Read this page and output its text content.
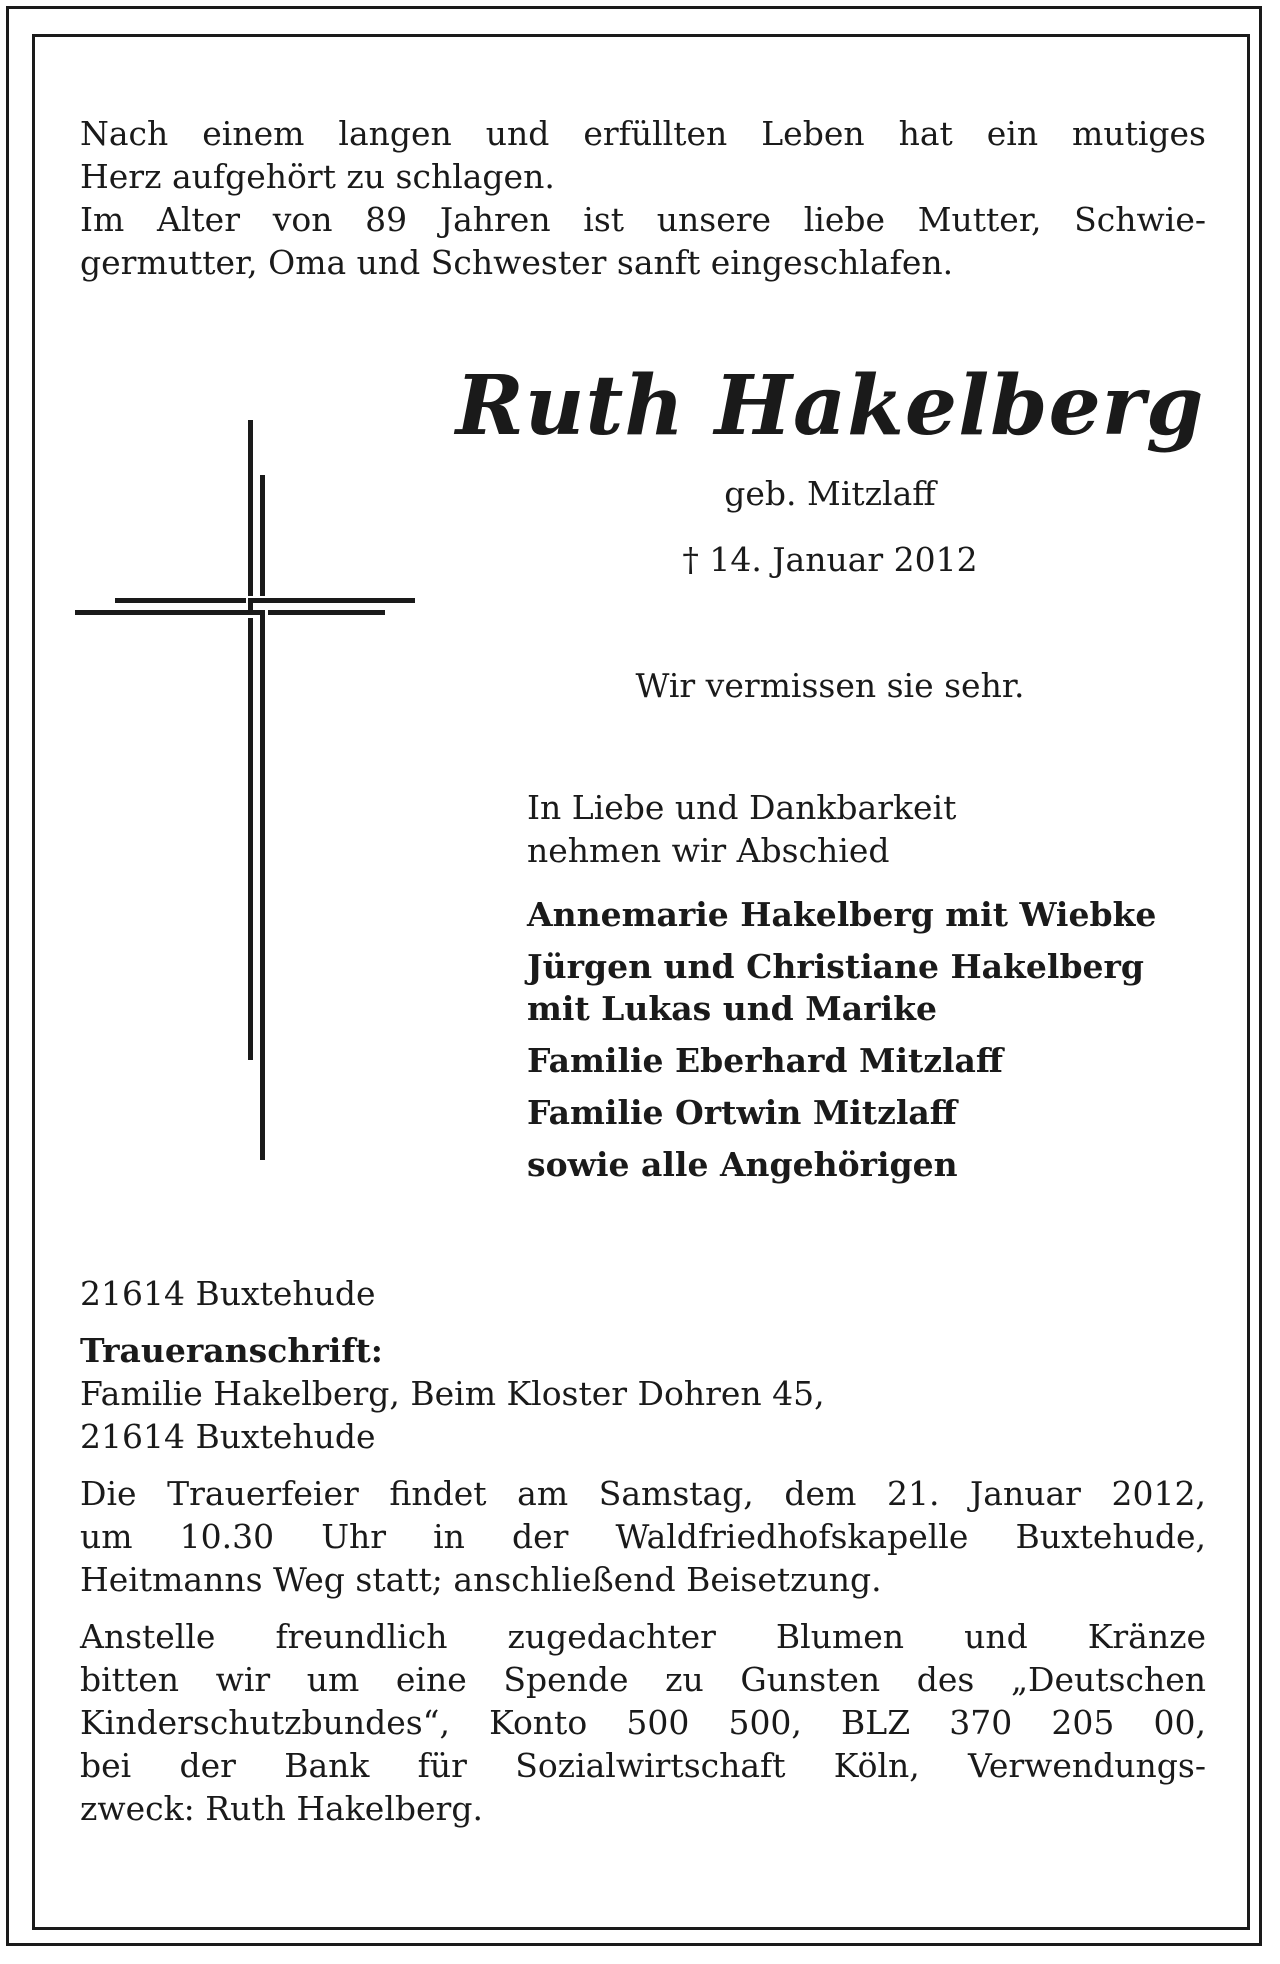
Nach einem langen und erfüllten Leben hat ein mutiges
Herz aufgehört zu schlagen.
Im Alter von 89 Jahren ist unsere liebe Mutter, Schwie-
germutter, Oma und Schwester sanft eingeschlafen.
Ruth Hakelberg
geb. Mitzlaff
† 14. Januar 2012
Wir vermissen sie sehr.
In Liebe und Dankbarkeit
nehmen wir Abschied
Annemarie Hakelberg mit Wiebke
Jürgen und Christiane Hakelberg
mit Lukas und Marike
Familie Eberhard Mitzlaff
Familie Ortwin Mitzlaff
sowie alle Angehörigen

21614 Buxtehude

Traueranschrift:
Familie Hakelberg, Beim Kloster Dohren 45,
21614 Buxtehude

Die Trauerfeier findet am Samstag, dem 21. Januar 2012,
um 10.30 Uhr in der Waldfriedhofskapelle Buxtehude,
Heitmanns Weg statt; anschließend Beisetzung.

Anstelle freundlich zugedachter Blumen und Kränze
bitten wir um eine Spende zu Gunsten des „Deutschen
Kinderschutzbundes“, Konto 500 500, BLZ 370 205 00,
bei der Bank für Sozialwirtschaft Köln, Verwendungs-
zweck: Ruth Hakelberg.
